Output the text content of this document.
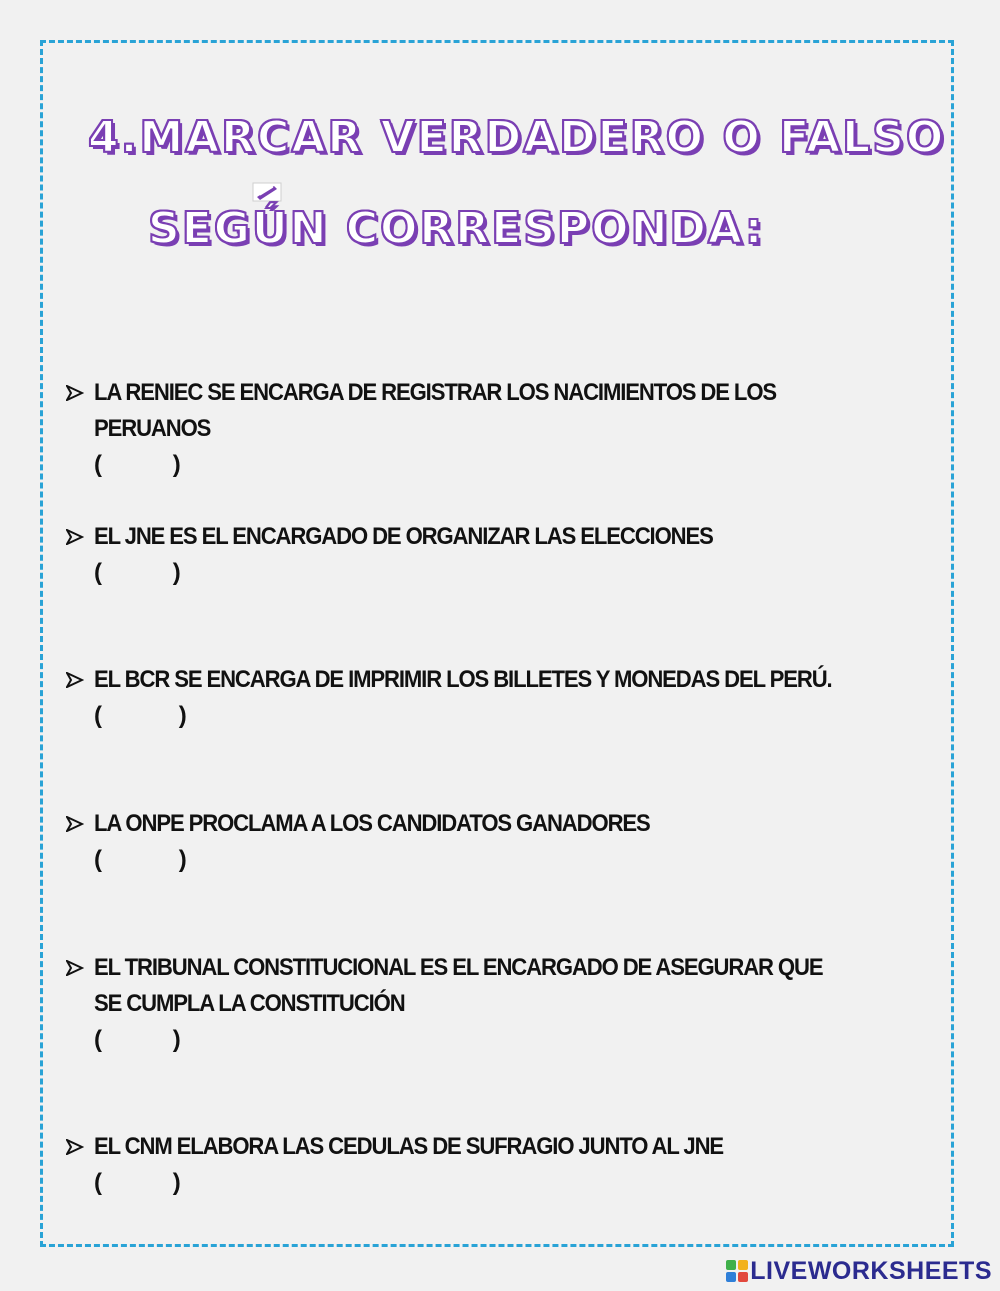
4.MARCAR VERDADERO O FALSO
SEGÚN CORRESPONDA:
LA RENIEC SE ENCARGA DE REGISTRAR LOS NACIMIENTOS DE LOS PERUANOS
(	)
EL JNE ES EL ENCARGADO DE ORGANIZAR LAS ELECCIONES
(	)
EL BCR SE ENCARGA DE IMPRIMIR LOS BILLETES Y MONEDAS DEL PERÚ.
(	)
LA ONPE PROCLAMA A LOS CANDIDATOS GANADORES
(	)
EL TRIBUNAL CONSTITUCIONAL ES EL ENCARGADO DE ASEGURAR QUE SE CUMPLA LA CONSTITUCIÓN
(	)
EL CNM ELABORA LAS CEDULAS DE SUFRAGIO JUNTO AL JNE
(	)
LIVEWORKSHEETS
